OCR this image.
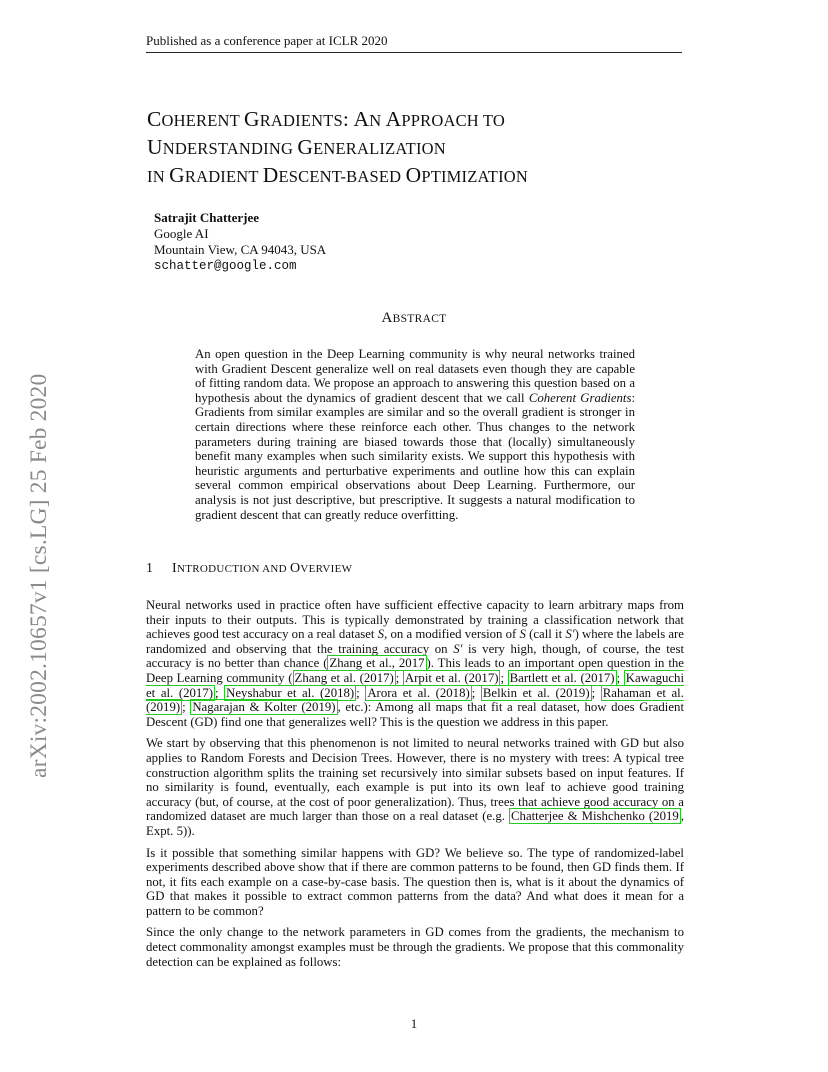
Published as a conference paper at ICLR 2020
arXiv:2002.10657v1 [cs.LG] 25 Feb 2020
COHERENT GRADIENTS: AN APPROACH TO
UNDERSTANDING GENERALIZATION
IN GRADIENT DESCENT-BASED OPTIMIZATION
Satrajit Chatterjee
Google AI
Mountain View, CA 94043, USA
schatter@google.com
ABSTRACT
An open question in the Deep Learning community is why neural networks trained with Gradient Descent generalize well on real datasets even though they are capable of fitting random data. We propose an approach to answering this question based on a hypothesis about the dynamics of gradient descent that we call Coherent Gradients: Gradients from similar examples are similar and so the overall gradient is stronger in certain directions where these reinforce each other. Thus changes to the network parameters during training are biased towards those that (locally) simultaneously benefit many examples when such similarity exists. We support this hypothesis with heuristic arguments and perturbative experiments and outline how this can explain several common empirical observations about Deep Learning. Furthermore, our analysis is not just descriptive, but prescriptive. It suggests a natural modification to gradient descent that can greatly reduce overfitting.
1 INTRODUCTION AND OVERVIEW

Neural networks used in practice often have sufficient effective capacity to learn arbitrary maps from their inputs to their outputs. This is typically demonstrated by training a classification network that achieves good test accuracy on a real dataset S, on a modified version of S (call it S′) where the labels are randomized and observing that the training accuracy on S′ is very high, though, of course, the test accuracy is no better than chance ( Zhang et al., 2017 ). This leads to an important open question in the Deep Learning community ( Zhang et al. (2017) ; Arpit et al. (2017) ; Bartlett et al. (2017) ; Kawaguchi et al. (2017) ; Neyshabur et al. (2018) ; Arora et al. (2018) ; Belkin et al. (2019) ; Rahaman et al. (2019) ; Nagarajan & Kolter (2019) , etc.): Among all maps that fit a real dataset, how does Gradient Descent (GD) find one that generalizes well? This is the question we address in this paper.

We start by observing that this phenomenon is not limited to neural networks trained with GD but also applies to Random Forests and Decision Trees. However, there is no mystery with trees: A typical tree construction algorithm splits the training set recursively into similar subsets based on input features. If no similarity is found, eventually, each example is put into its own leaf to achieve good training accuracy (but, of course, at the cost of poor generalization). Thus, trees that achieve good accuracy on a randomized dataset are much larger than those on a real dataset (e.g. Chatterjee & Mishchenko (2019 , Expt. 5)).

Is it possible that something similar happens with GD? We believe so. The type of randomized-label experiments described above show that if there are common patterns to be found, then GD finds them. If not, it fits each example on a case-by-case basis. The question then is, what is it about the dynamics of GD that makes it possible to extract common patterns from the data? And what does it mean for a pattern to be common?

Since the only change to the network parameters in GD comes from the gradients, the mechanism to detect commonality amongst examples must be through the gradients. We propose that this commonality detection can be explained as follows:

1
